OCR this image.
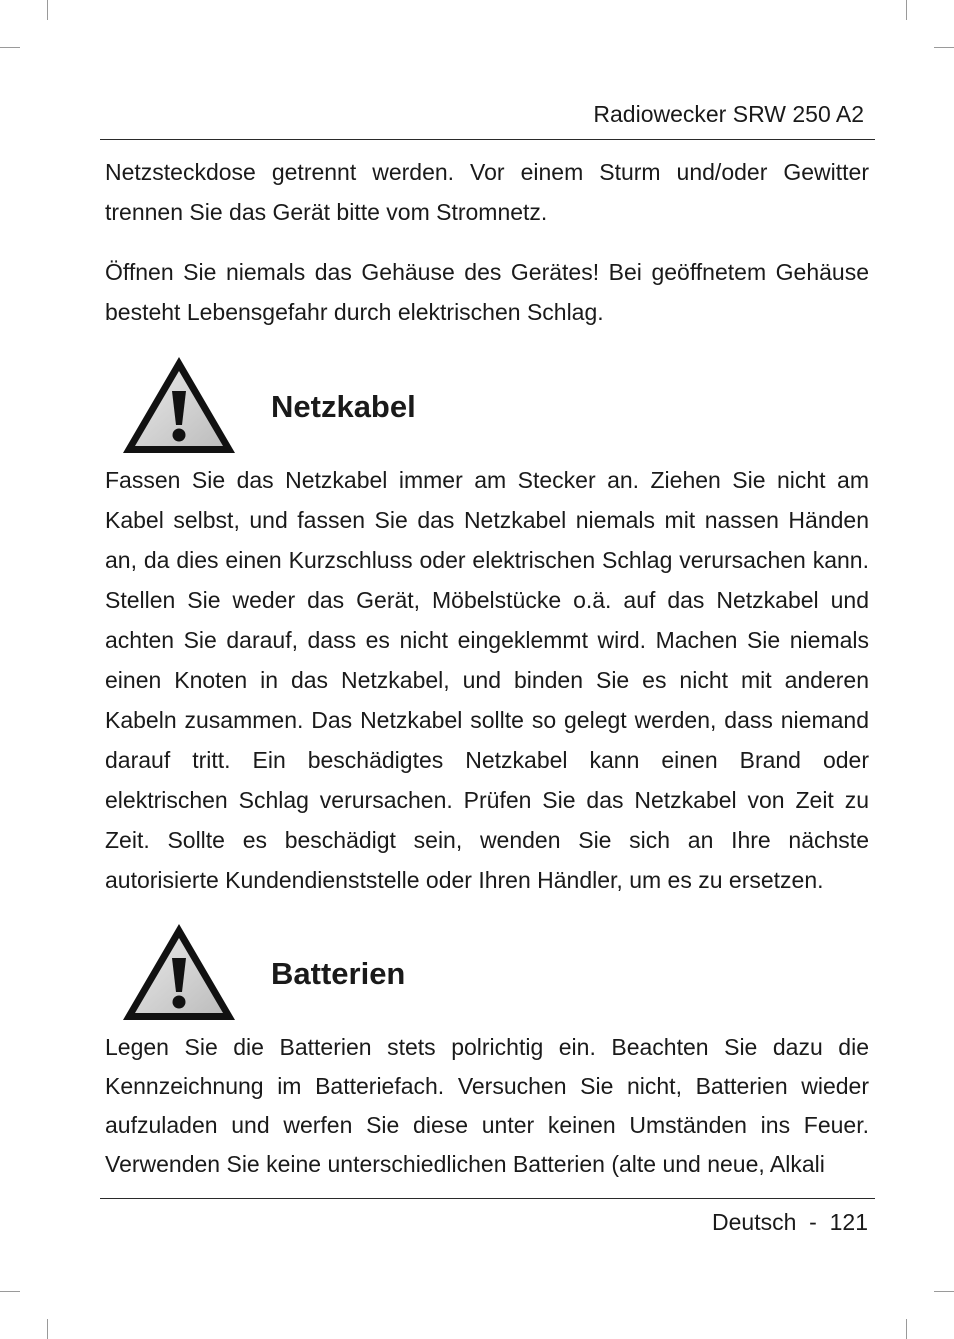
Radiowecker SRW 250 A2

Netzsteckdose getrennt werden. Vor einem Sturm und/oder Gewitter trennen Sie das Gerät bitte vom Stromnetz.

Öffnen Sie niemals das Gehäuse des Gerätes! Bei geöffnetem Gehäuse besteht Lebensgefahr durch elektrischen Schlag.

Netzkabel

Fassen Sie das Netzkabel immer am Stecker an. Ziehen Sie nicht am Kabel selbst, und fassen Sie das Netzkabel niemals mit nassen Händen an, da dies einen Kurzschluss oder elektrischen Schlag verursachen kann. Stellen Sie weder das Gerät, Möbelstücke o.ä. auf das Netzkabel und achten Sie darauf, dass es nicht eingeklemmt wird. Machen Sie niemals einen Knoten in das Netzkabel, und binden Sie es nicht mit anderen Kabeln zusammen. Das Netzkabel sollte so gelegt werden, dass niemand darauf tritt. Ein beschädigtes Netzkabel kann einen Brand oder elektrischen Schlag verursachen. Prüfen Sie das Netzkabel von Zeit zu Zeit. Sollte es beschädigt sein, wenden Sie sich an Ihre nächste autorisierte Kundendienststelle oder Ihren Händler, um es zu ersetzen.

Batterien

Legen Sie die Batterien stets polrichtig ein. Beachten Sie dazu die Kennzeichnung im Batteriefach. Versuchen Sie nicht, Batterien wieder aufzuladen und werfen Sie diese unter keinen Umständen ins Feuer. Verwenden Sie keine unterschiedlichen Batterien (alte und neue, Alkali

Deutsch - 121
